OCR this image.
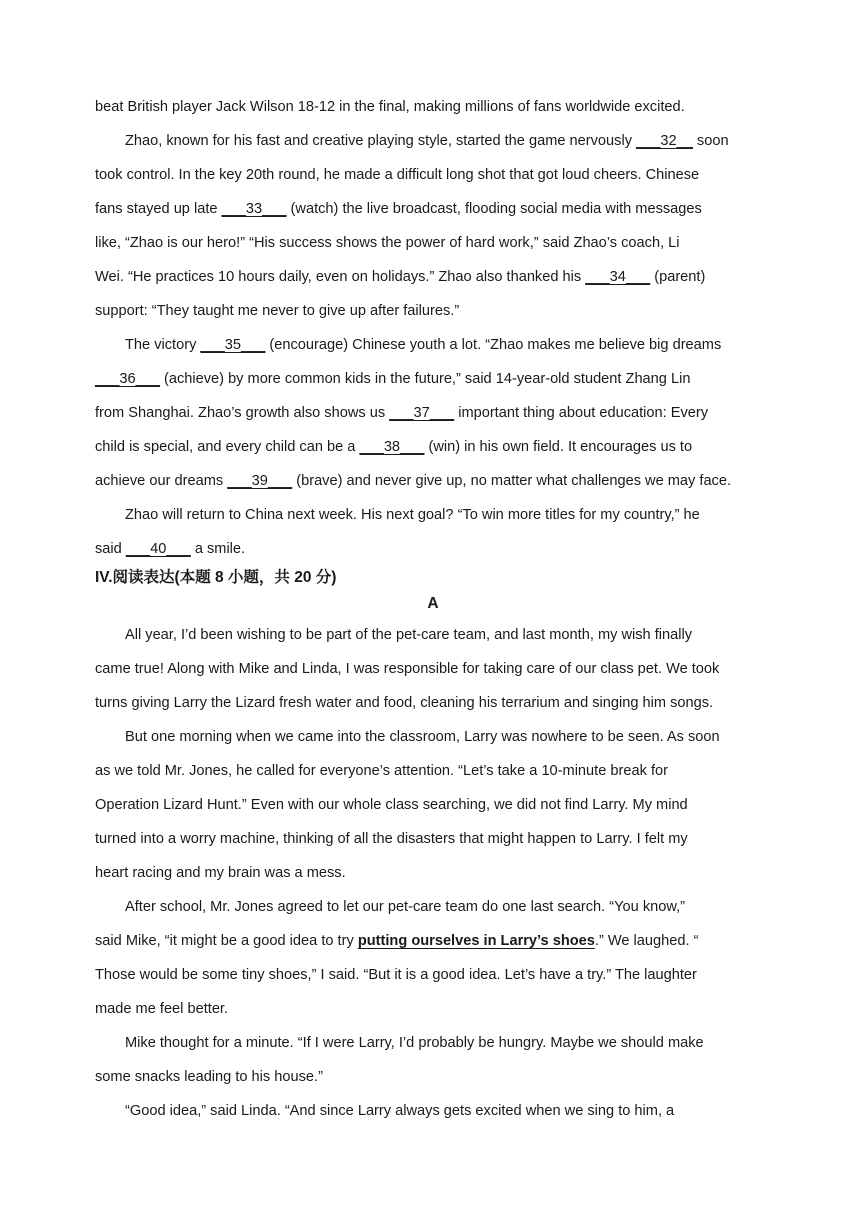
beat British player Jack Wilson 18-12 in the final, making millions of fans worldwide excited.

Zhao, known for his fast and creative playing style, started the game nervously ___32__ soon

took control. In the key 20th round, he made a difficult long shot that got loud cheers. Chinese

fans stayed up late ___33___ (watch) the live broadcast, flooding social media with messages

like, “Zhao is our hero!” “His success shows the power of hard work,” said Zhao’s coach, Li

Wei. “He practices 10 hours daily, even on holidays.” Zhao also thanked his ___34___ (parent)

support: “They taught me never to give up after failures.”

The victory ___35___ (encourage) Chinese youth a lot. “Zhao makes me believe big dreams

___36___ (achieve) by more common kids in the future,” said 14-year-old student Zhang Lin

from Shanghai. Zhao’s growth also shows us ___37___ important thing about education: Every

child is special, and every child can be a ___38___ (win) in his own field. It encourages us to

achieve our dreams ___39___ (brave) and never give up, no matter what challenges we may face.

Zhao will return to China next week. His next goal? “To win more titles for my country,” he

said ___40___ a smile.

IV.阅读表达(本题 8 小题，共 20 分)
A

All year, I’d been wishing to be part of the pet-care team, and last month, my wish finally

came true! Along with Mike and Linda, I was responsible for taking care of our class pet. We took

turns giving Larry the Lizard fresh water and food, cleaning his terrarium and singing him songs.

But one morning when we came into the classroom, Larry was nowhere to be seen. As soon

as we told Mr. Jones, he called for everyone’s attention. “Let’s take a 10-minute break for

Operation Lizard Hunt.” Even with our whole class searching, we did not find Larry. My mind

turned into a worry machine, thinking of all the disasters that might happen to Larry. I felt my

heart racing and my brain was a mess.

After school, Mr. Jones agreed to let our pet-care team do one last search. “You know,”

said Mike, “it might be a good idea to try putting ourselves in Larry’s shoes.” We laughed. “

Those would be some tiny shoes,” I said. “But it is a good idea. Let’s have a try.” The laughter

made me feel better.

Mike thought for a minute. “If I were Larry, I’d probably be hungry. Maybe we should make

some snacks leading to his house.”

“Good idea,” said Linda. “And since Larry always gets excited when we sing to him, a
